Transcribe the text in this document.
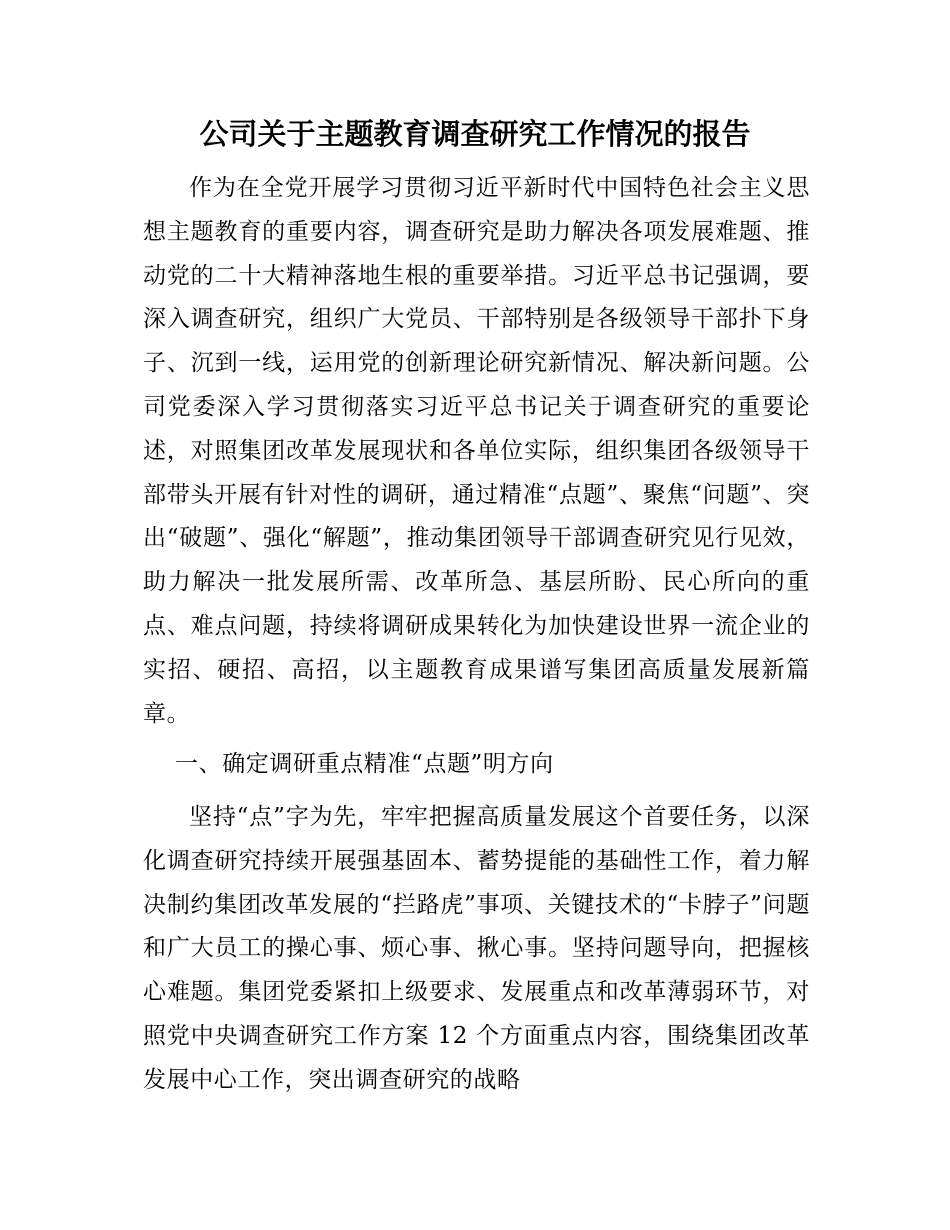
公司关于主题教育调查研究工作情况的报告

作为在全党开展学习贯彻习近平新时代中国特色社会主义思想主题教育的重要内容，调查研究是助力解决各项发展难题、推动党的二十大精神落地生根的重要举措。习近平总书记强调，要深入调查研究，组织广大党员、干部特别是各级领导干部扑下身子、沉到一线，运用党的创新理论研究新情况、解决新问题。公司党委深入学习贯彻落实习近平总书记关于调查研究的重要论述，对照集团改革发展现状和各单位实际，组织集团各级领导干部带头开展有针对性的调研，通过精准“点题”、聚焦“问题”、突出“破题”、强化“解题”，推动集团领导干部调查研究见行见效，助力解决一批发展所需、改革所急、基层所盼、民心所向的重点、难点问题，持续将调研成果转化为加快建设世界一流企业的实招、硬招、高招，以主题教育成果谱写集团高质量发展新篇章。

一、确定调研重点精准“点题”明方向

坚持“点”字为先，牢牢把握高质量发展这个首要任务，以深化调查研究持续开展强基固本、蓄势提能的基础性工作，着力解决制约集团改革发展的“拦路虎”事项、关键技术的“卡脖子”问题和广大员工的操心事、烦心事、揪心事。坚持问题导向，把握核心难题。集团党委紧扣上级要求、发展重点和改革薄弱环节，对照党中央调查研究工作方案 12 个方面重点内容，围绕集团改革发展中心工作，突出调查研究的战略
